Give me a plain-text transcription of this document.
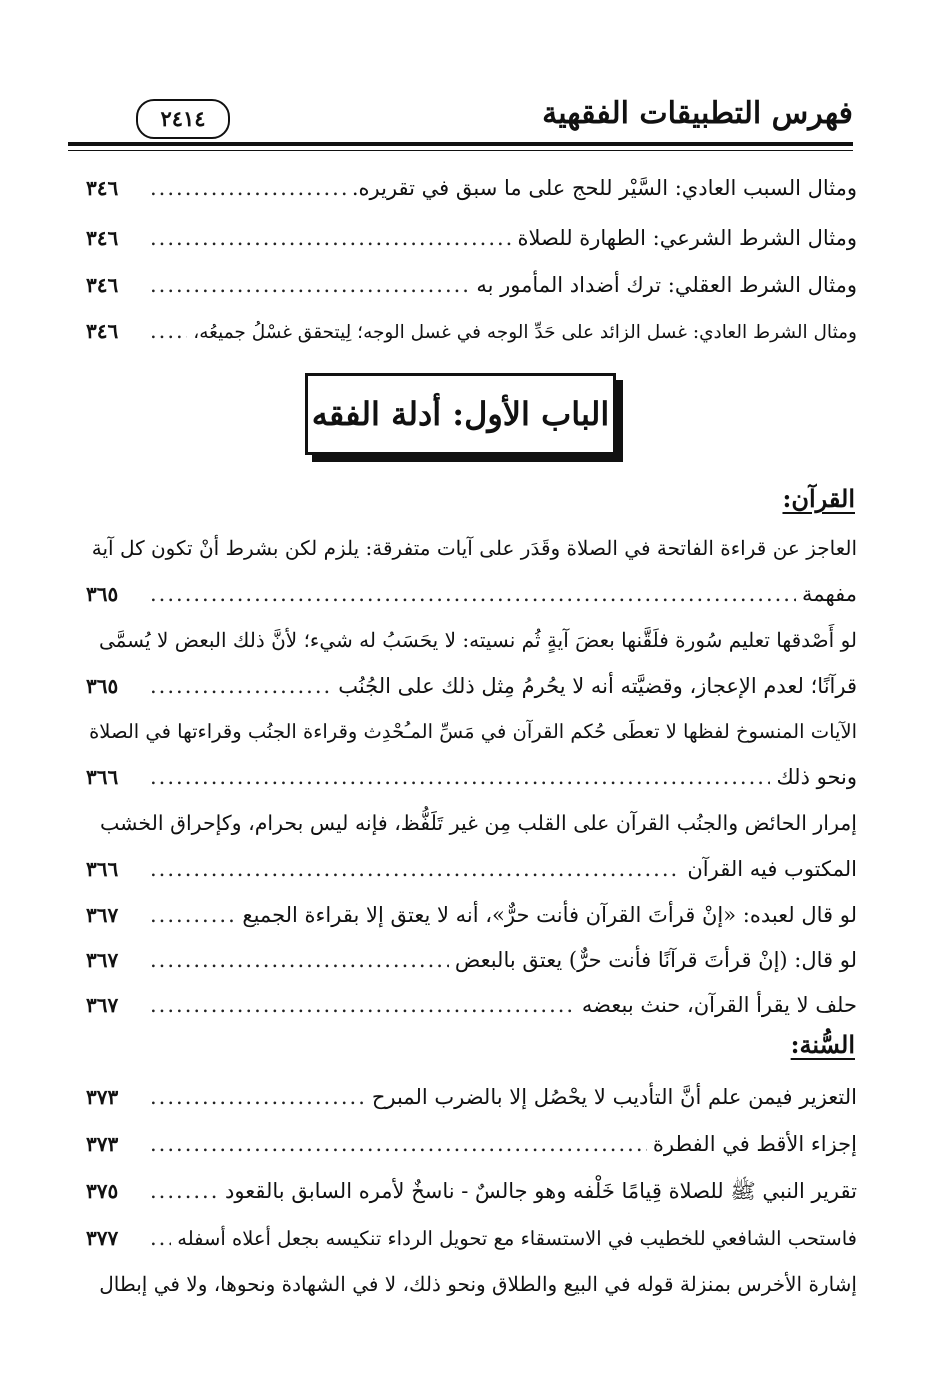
فهرس التطبيقات الفقهية
٢٤١٤
ومثال السبب العادي: السَّيْر للحج على ما سبق في تقريره.
.....
٣٤٦
ومثال الشرط الشرعي: الطهارة للصلاة
.....
٣٤٦
ومثال الشرط العقلي: ترك أضداد المأمور به
.....
٣٤٦
ومثال الشرط العادي: غسل الزائد على حَدِّ الوجه في غسل الوجه؛ لِيتحقق غسْلُ جميعُه،
.....
٣٤٦
الباب الأول: أدلة الفقه
القرآن:
العاجز عن قراءة الفاتحة في الصلاة وقَدَر على آيات متفرقة: يلزم لكن بشرط أنْ تكون كل آية
مفهمة
.....
٣٦٥
لو أَصْدقها تعليم سُورة فلَقَّنها بعضَ آيةٍ ثُم نسيته: لا يحَسَبُ له شيء؛ لأنَّ ذلك البعض لا يُسمَّى
قرآنًا؛ لعدم الإعجاز، وقضيَّته أنه لا يحُرمُ مِثل ذلك على الجُنُب
.....
٣٦٥
الآيات المنسوخ لفظها لا تعطَى حُكم القرآن في مَسِّ المـُحْدِث وقراءة الجنُب وقراءتها في الصلاة
ونحو ذلك
.....
٣٦٦
إمرار الحائض والجنُب القرآن على القلب مِن غير تَلَفُّظ، فإنه ليس بحرام، وكإحراق الخشب
المكتوب فيه القرآن
.....
٣٦٦
لو قال لعبده: «إنْ قرأتَ القرآن فأنت حرٌّ»، أنه لا يعتق إلا بقراءة الجميع
.....
٣٦٧
لو قال: (إنْ قرأتَ قرآنًا فأنت حرٌّ) يعتق بالبعض
.....
٣٦٧
حلف لا يقرأ القرآن، حنث ببعضه
.....
٣٦٧
السُّنة:
التعزير فيمن علم أنَّ التأديب لا يحْصُل إلا بالضرب المبرح
.....
٣٧٣
إجزاء الأقط في الفطرة
.....
٣٧٣
تقرير النبي ﷺ للصلاة قِيامًا خَلْفه وهو جالسٌ - ناسخٌ لأمره السابق بالقعود
.....
٣٧٥
فاستحب الشافعي للخطيب في الاستسقاء مع تحويل الرداء تنكيسه بجعل أعلاه أسفله
.....
٣٧٧
إشارة الأخرس بمنزلة قوله في البيع والطلاق ونحو ذلك، لا في الشهادة ونحوها، ولا في إبطال
